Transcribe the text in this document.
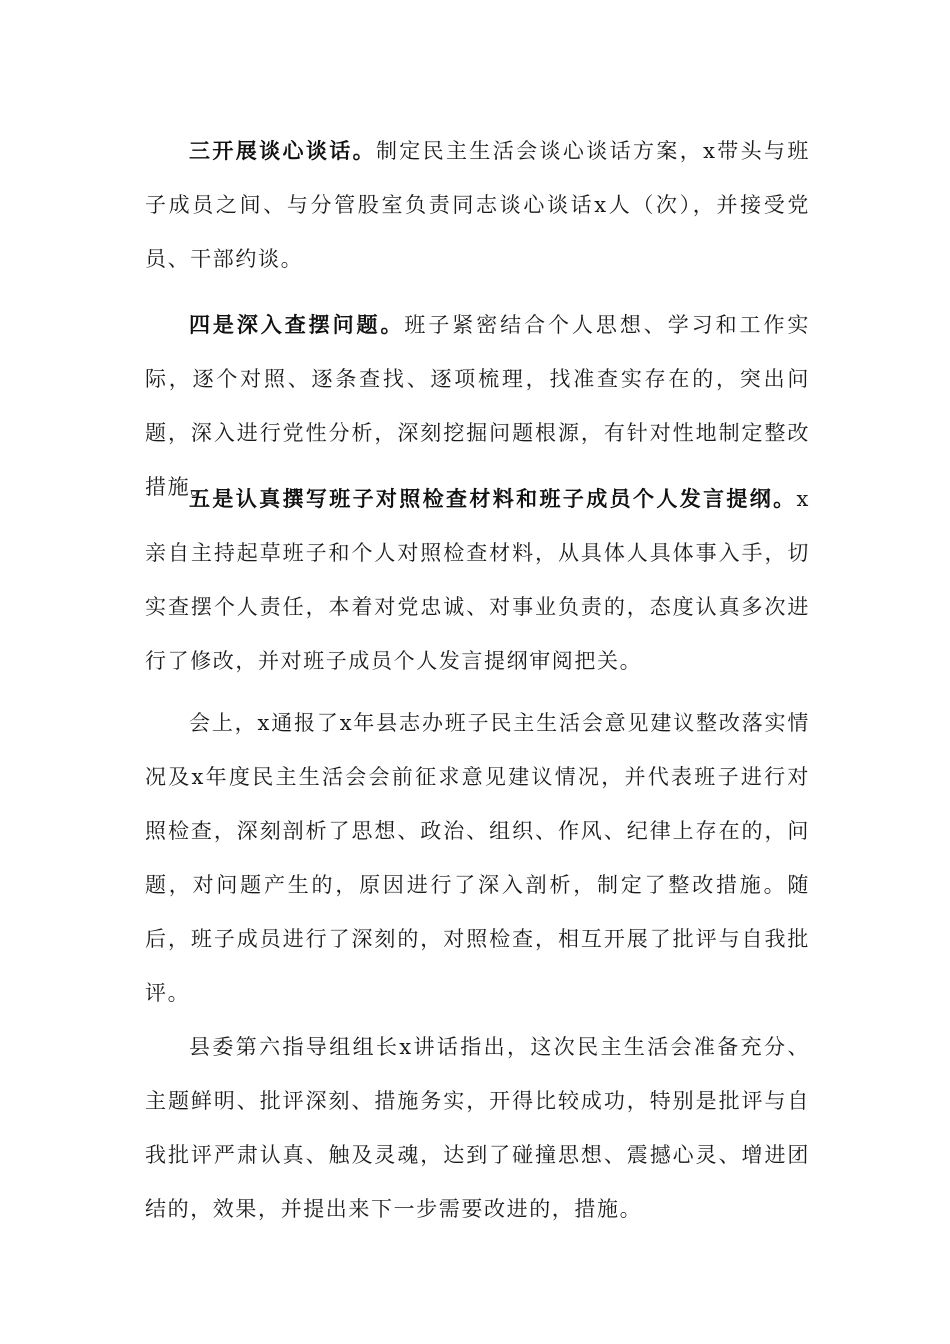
三开展谈心谈话。制定民主生活会谈心谈话方案，x带头与班子成员之间、与分管股室负责同志谈心谈话x人（次），并接受党员、干部约谈。

四是深入查摆问题。班子紧密结合个人思想、学习和工作实际，逐个对照、逐条查找、逐项梳理，找准查实存在的，突出问题，深入进行党性分析，深刻挖掘问题根源，有针对性地制定整改措施。

五是认真撰写班子对照检查材料和班子成员个人发言提纲。x亲自主持起草班子和个人对照检查材料，从具体人具体事入手，切实查摆个人责任，本着对党忠诚、对事业负责的，态度认真多次进行了修改，并对班子成员个人发言提纲审阅把关。

会上，x通报了x年县志办班子民主生活会意见建议整改落实情况及x年度民主生活会会前征求意见建议情况，并代表班子进行对照检查，深刻剖析了思想、政治、组织、作风、纪律上存在的，问题，对问题产生的，原因进行了深入剖析，制定了整改措施。随后，班子成员进行了深刻的，对照检查，相互开展了批评与自我批评。

县委第六指导组组长x讲话指出，这次民主生活会准备充分、主题鲜明、批评深刻、措施务实，开得比较成功，特别是批评与自我批评严肃认真、触及灵魂，达到了碰撞思想、震撼心灵、增进团结的，效果，并提出来下一步需要改进的，措施。
